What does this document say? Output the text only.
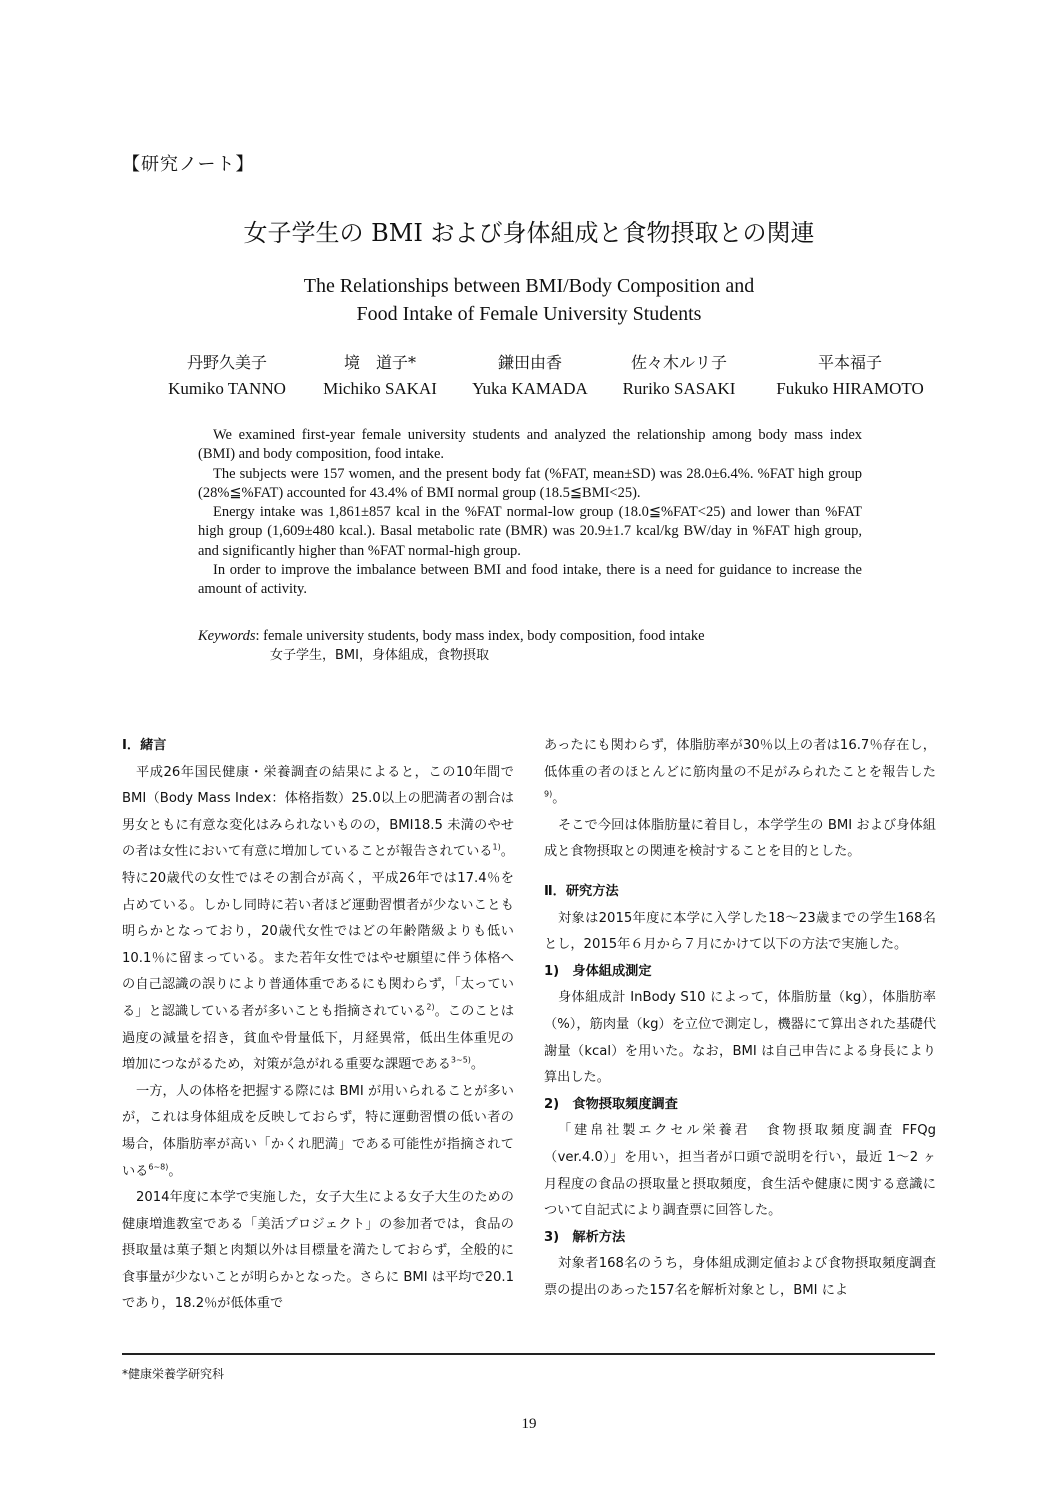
【研究ノート】
女子学生の BMI および身体組成と食物摂取との関連
The Relationships between BMI/Body Composition and
Food Intake of Female University Students
丹野久美子
Kumiko TANNO
境　道子*
Michiko SAKAI
鎌田由香
Yuka KAMADA
佐々木ルリ子
Ruriko SASAKI
平本福子
Fukuko HIRAMOTO

We examined first-year female university students and analyzed the relationship among body mass index (BMI) and body composition, food intake.

The subjects were 157 women, and the present body fat (%FAT, mean±SD) was 28.0±6.4%. %FAT high group (28%≦%FAT) accounted for 43.4% of BMI normal group (18.5≦BMI<25).

Energy intake was 1,861±857 kcal in the %FAT normal-low group (18.0≦%FAT<25) and lower than %FAT high group (1,609±480 kcal.). Basal metabolic rate (BMR) was 20.9±1.7 kcal/kg BW/day in %FAT high group, and significantly higher than %FAT normal-high group.

In order to improve the imbalance between BMI and food intake, there is a need for guidance to increase the amount of activity.

Keywords: female university students, body mass index, body composition, food intake
女子学生，BMI，身体組成，食物摂取

Ⅰ．緒言

平成26年国民健康・栄養調査の結果によると，この10年間で BMI（Body Mass Index：体格指数）25.0以上の肥満者の割合は男女ともに有意な変化はみられないものの，BMI18.5 未満のやせの者は女性において有意に増加していることが報告されている$^{1)}$。特に20歳代の女性ではその割合が高く，平成26年では17.4％を占めている。しかし同時に若い者ほど運動習慣者が少ないことも明らかとなっており，20歳代女性ではどの年齢階級よりも低い10.1％に留まっている。また若年女性ではやせ願望に伴う体格への自己認識の誤りにより普通体重であるにも関わらず，「太っている」と認識している者が多いことも指摘されている$^{2)}$。このことは過度の減量を招き，貧血や骨量低下，月経異常，低出生体重児の増加につながるため，対策が急がれる重要な課題である$^{3\sim 5)}$。

一方，人の体格を把握する際には BMI が用いられることが多いが，これは身体組成を反映しておらず，特に運動習慣の低い者の場合，体脂肪率が高い「かくれ肥満」である可能性が指摘されている$^{6\sim 8)}$。

2014年度に本学で実施した，女子大生による女子大生のための健康増進教室である「美活プロジェクト」の参加者では，食品の摂取量は菓子類と肉類以外は目標量を満たしておらず，全般的に食事量が少ないことが明らかとなった。さらに BMI は平均で20.1であり，18.2％が低体重で

あったにも関わらず，体脂肪率が30％以上の者は16.7％存在し，低体重の者のほとんどに筋肉量の不足がみられたことを報告した$^{9)}$。

そこで今回は体脂肪量に着目し，本学学生の BMI および身体組成と食物摂取との関連を検討することを目的とした。

Ⅱ．研究方法

対象は2015年度に本学に入学した18～23歳までの学生168名とし，2015年６月から７月にかけて以下の方法で実施した。

1)　身体組成測定

身体組成計 InBody S10 によって，体脂肪量（kg），体脂肪率（%），筋肉量（kg）を立位で測定し，機器にて算出された基礎代謝量（kcal）を用いた。なお，BMI は自己申告による身長により算出した。

2)　食物摂取頻度調査

「建帛社製エクセル栄養君　食物摂取頻度調査 FFQg（ver.4.0）」を用い，担当者が口頭で説明を行い，最近 1～2 ヶ月程度の食品の摂取量と摂取頻度，食生活や健康に関する意識について自記式により調査票に回答した。

3)　解析方法

対象者168名のうち，身体組成測定値および食物摂取頻度調査票の提出のあった157名を解析対象とし，BMI によ

*健康栄養学研究科
19
